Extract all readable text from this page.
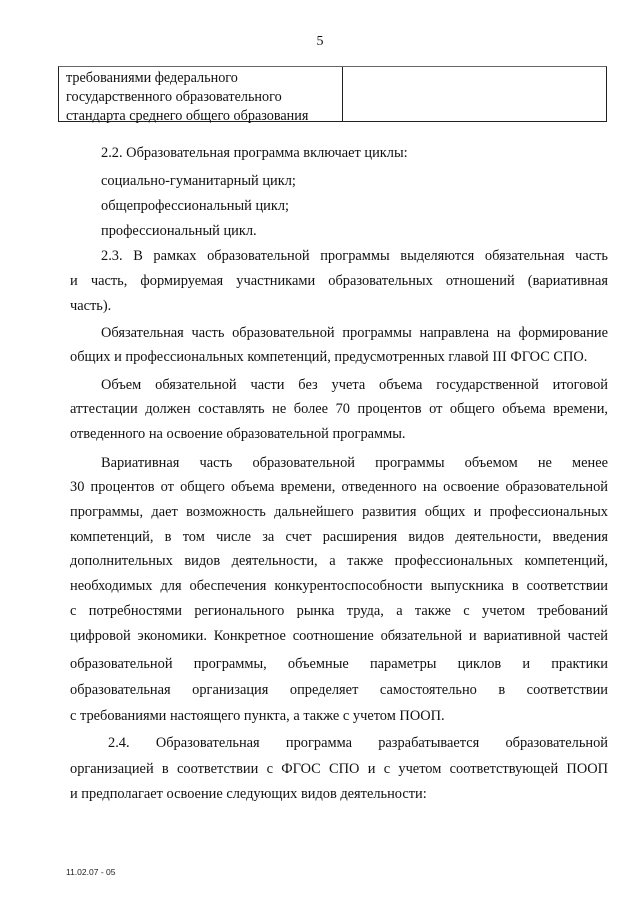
5
требованиями федерального
государственного образовательного
стандарта среднего общего образования
2.2. Образовательная программа включает циклы:
социально-гуманитарный цикл;
общепрофессиональный цикл;
профессиональный цикл.
2.3. В рамках образовательной программы выделяются обязательная часть
и часть, формируемая участниками образовательных отношений (вариативная
часть).
Обязательная часть образовательной программы направлена на формирование
общих и профессиональных компетенций, предусмотренных главой III ФГОС СПО.
Объем обязательной части без учета объема государственной итоговой
аттестации должен составлять не более 70 процентов от общего объема времени,
отведенного на освоение образовательной программы.
Вариативная часть образовательной программы объемом не менее
30 процентов от общего объема времени, отведенного на освоение образовательной
программы, дает возможность дальнейшего развития общих и профессиональных
компетенций, в том числе за счет расширения видов деятельности, введения
дополнительных видов деятельности, а также профессиональных компетенций,
необходимых для обеспечения конкурентоспособности выпускника в соответствии
с потребностями регионального рынка труда, а также с учетом требований
цифровой экономики. Конкретное соотношение обязательной и вариативной частей
образовательной программы, объемные параметры циклов и практики
образовательная организация определяет самостоятельно в соответствии
с требованиями настоящего пункта, а также с учетом ПООП.
2.4. Образовательная программа разрабатывается образовательной
организацией в соответствии с ФГОС СПО и с учетом соответствующей ПООП
и предполагает освоение следующих видов деятельности:
11.02.07 - 05
